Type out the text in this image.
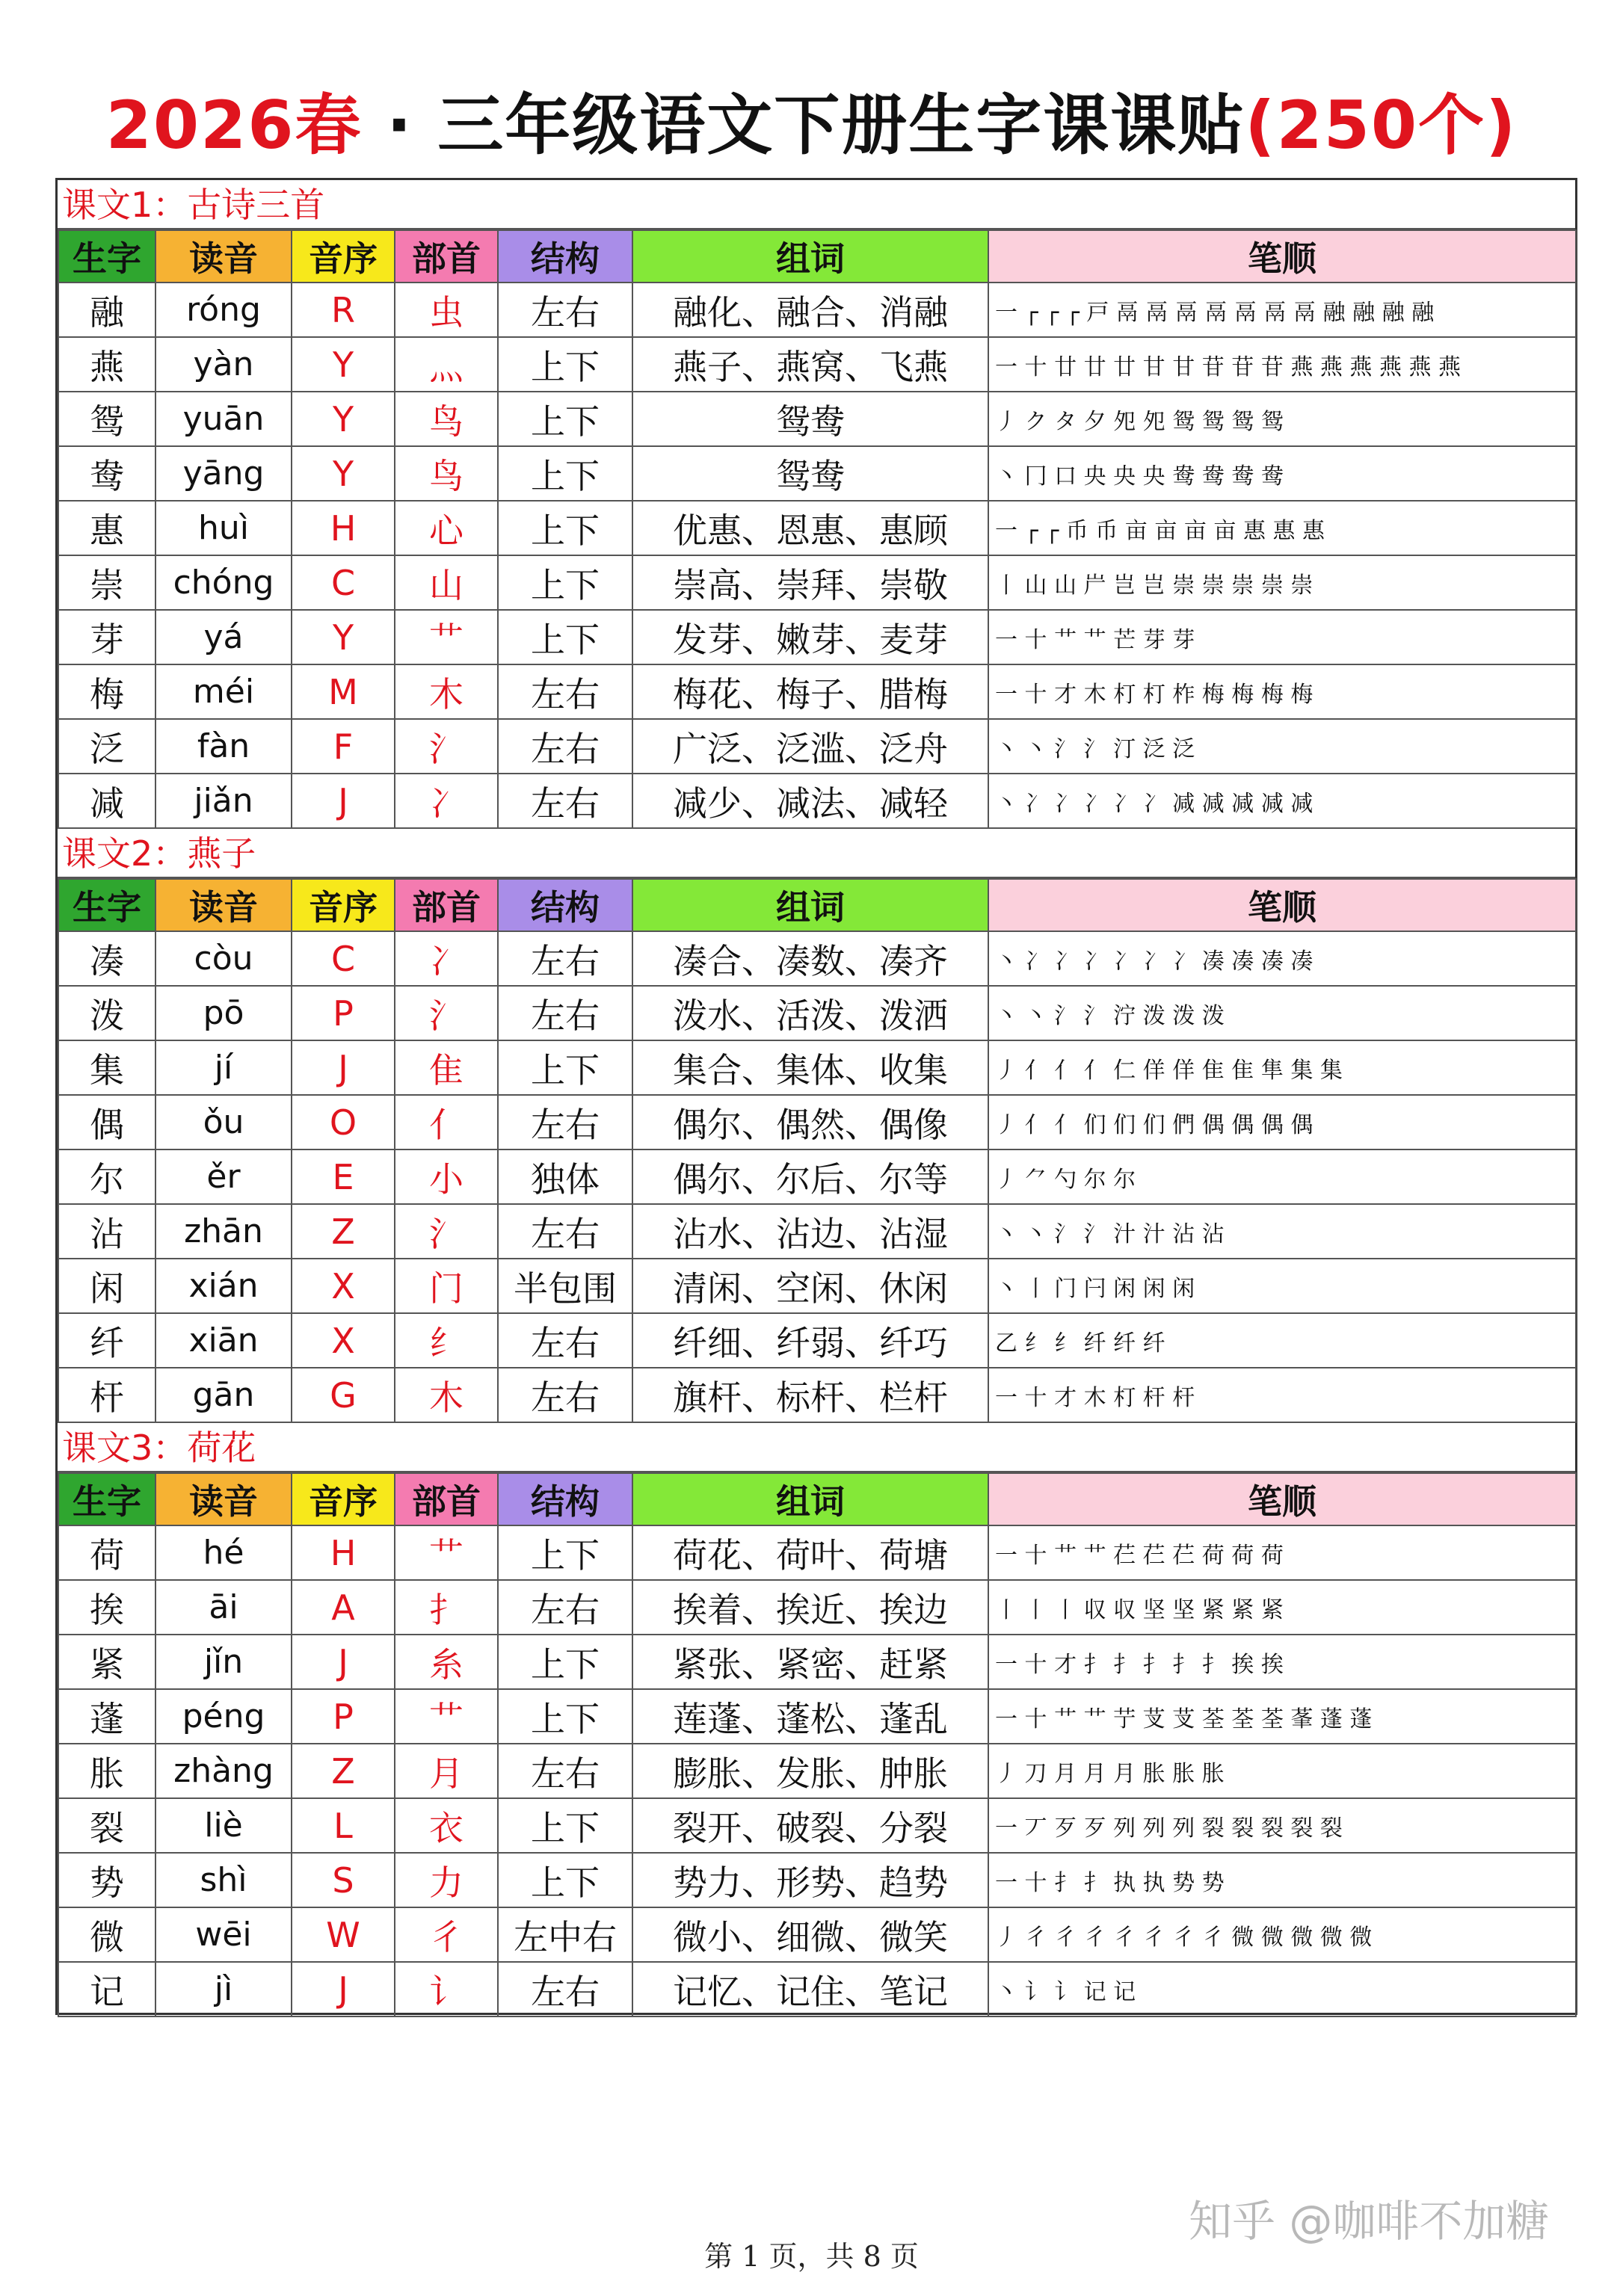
2026春 · 三年级语文下册生字课课贴(250个)
课文1：古诗三首
生字	读音	音序	部首	结构	组词	笔顺
融	róng	R	虫	左右	融化、融合、消融	一 ┌ ┌ ┌ 戸 鬲 鬲 鬲 鬲 鬲 鬲 鬲 融 融 融 融
燕	yàn	Y	灬	上下	燕子、燕窝、飞燕	一 十 廿 廿 廿 甘 甘 苷 苷 苷 燕 燕 燕 燕 燕 燕
鸳	yuān	Y	鸟	上下	鸳鸯	丿 ク タ 夕 夗 夗 鸳 鸳 鸳 鸳
鸯	yāng	Y	鸟	上下	鸳鸯	丶 冂 口 央 央 央 鸯 鸯 鸯 鸯
惠	huì	H	心	上下	优惠、恩惠、惠顾	一 ┌ ┌ 币 币 亩 亩 亩 亩 惠 惠 惠
崇	chóng	C	山	上下	崇高、崇拜、崇敬	丨 山 山 屵 岂 岂 崇 崇 崇 崇 崇
芽	yá	Y	艹	上下	发芽、嫩芽、麦芽	一 十 艹 艹 芒 芽 芽
梅	méi	M	木	左右	梅花、梅子、腊梅	一 十 才 木 朾 朾 柞 梅 梅 梅 梅
泛	fàn	F	氵	左右	广泛、泛滥、泛舟	丶 丶 氵 氵 汀 泛 泛
减	jiǎn	J	冫	左右	减少、减法、减轻	丶 冫 冫 冫 冫 冫 减 减 减 减 减
课文2：燕子
生字	读音	音序	部首	结构	组词	笔顺
凑	còu	C	冫	左右	凑合、凑数、凑齐	丶 冫 冫 冫 冫 冫 冫 凑 凑 凑 凑
泼	pō	P	氵	左右	泼水、活泼、泼洒	丶 丶 氵 氵 泞 泼 泼 泼
集	jí	J	隹	上下	集合、集体、收集	丿 亻 亻 亻 仁 佯 佯 隹 隹 隼 集 集
偶	ǒu	O	亻	左右	偶尔、偶然、偶像	丿 亻 亻 们 们 们 們 偶 偶 偶 偶
尔	ěr	E	小	独体	偶尔、尔后、尔等	丿 ⺈ 勺 尔 尔
沾	zhān	Z	氵	左右	沾水、沾边、沾湿	丶 丶 氵 氵 汁 汁 沾 沾
闲	xián	X	门	半包围	清闲、空闲、休闲	丶 丨 门 闩 闲 闲 闲
纤	xiān	X	纟	左右	纤细、纤弱、纤巧	乙 纟 纟 纤 纤 纤
杆	gān	G	木	左右	旗杆、标杆、栏杆	一 十 才 木 朾 杆 杆
课文3：荷花
生字	读音	音序	部首	结构	组词	笔顺
荷	hé	H	艹	上下	荷花、荷叶、荷塘	一 十 艹 艹 芢 芢 芢 荷 荷 荷
挨	āi	A	扌	左右	挨着、挨近、挨边	丨 丨 丨 収 収 坚 坚 紧 紧 紧
紧	jǐn	J	糸	上下	紧张、紧密、赶紧	一 十 才 扌 扌 扌 扌 扌 挨 挨
蓬	péng	P	艹	上下	莲蓬、蓬松、蓬乱	一 十 艹 艹 艼 芆 芆 荃 荃 荃 莑 蓬 蓬
胀	zhàng	Z	月	左右	膨胀、发胀、肿胀	丿 刀 月 月 月 胀 胀 胀
裂	liè	L	衣	上下	裂开、破裂、分裂	一 丆 歹 歹 列 列 列 裂 裂 裂 裂 裂
势	shì	S	力	上下	势力、形势、趋势	一 十 扌 扌 执 执 势 势
微	wēi	W	彳	左中右	微小、细微、微笑	丿 彳 彳 彳 彳 彳 彳 彳 微 微 微 微 微
记	jì	J	讠	左右	记忆、记住、笔记	丶 讠 讠 记 记
知乎 @咖啡不加糖
第 1 页，共 8 页
